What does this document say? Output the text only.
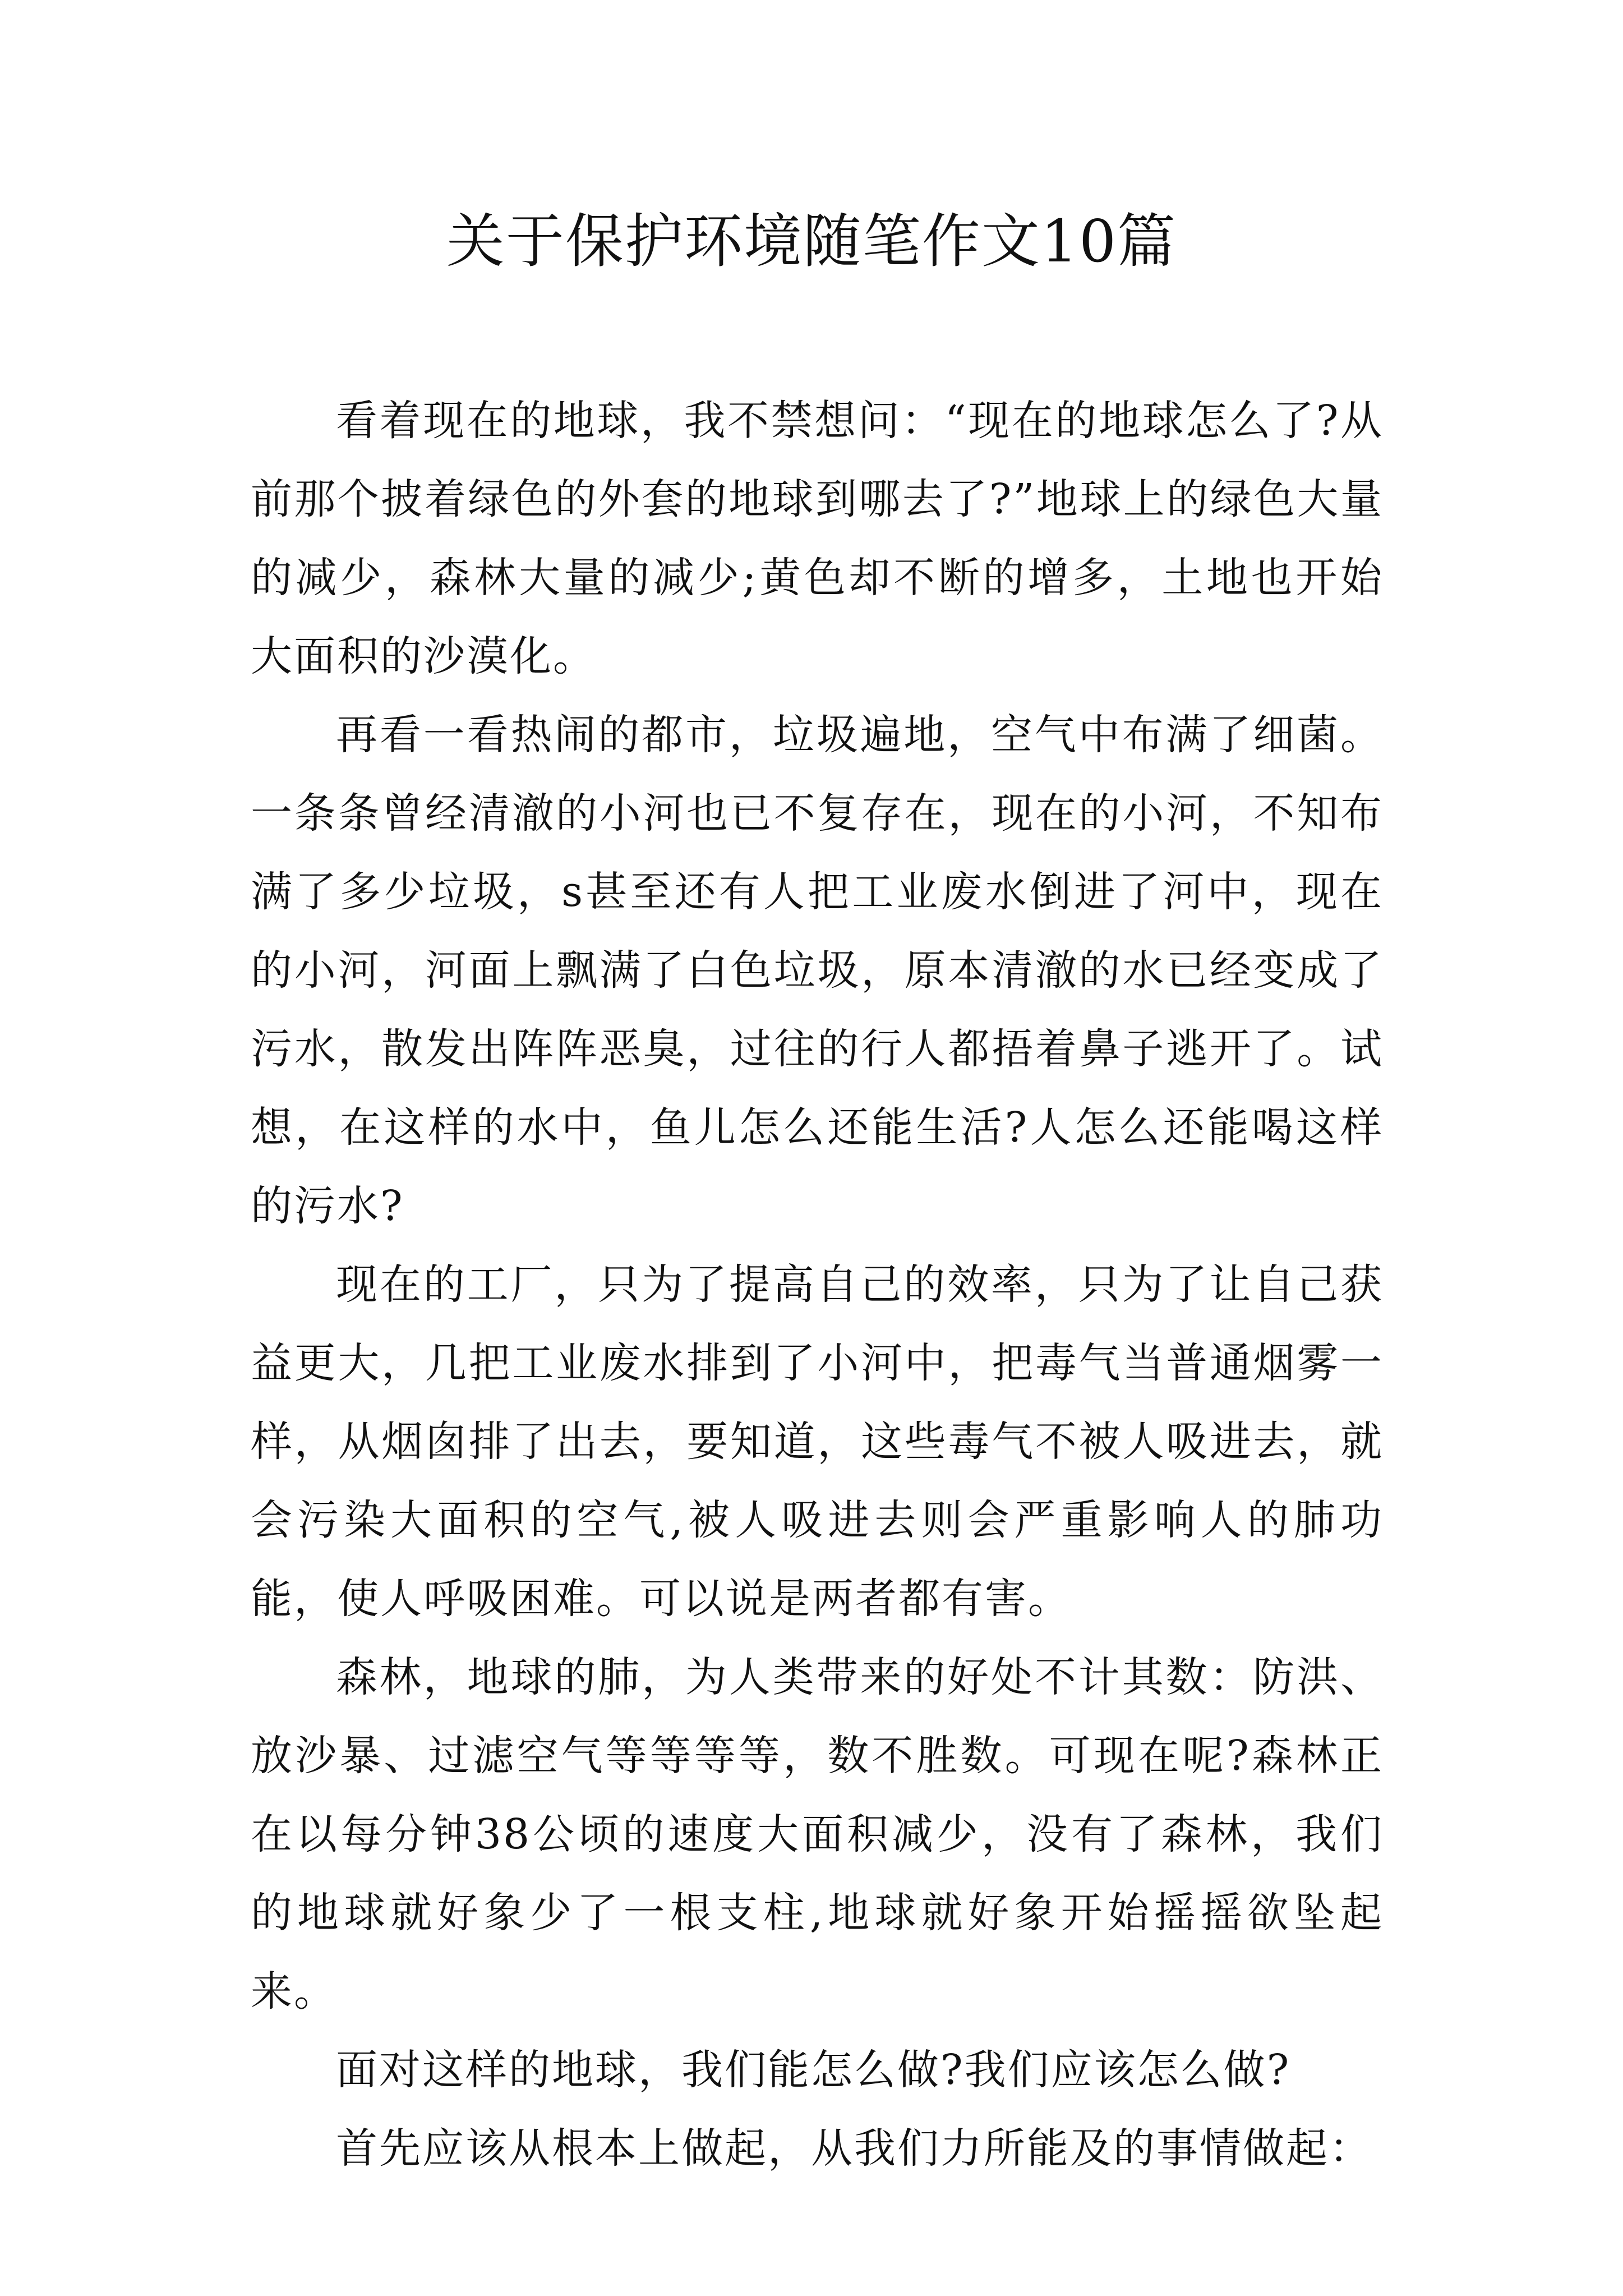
关于保护环境随笔作文10篇

看着现在的地球，我不禁想问：“现在的地球怎么了?从前那个披着绿色的外套的地球到哪去了?”地球上的绿色大量的减少，森林大量的减少;黄色却不断的增多，土地也开始大面积的沙漠化。

再看一看热闹的都市，垃圾遍地，空气中布满了细菌。一条条曾经清澈的小河也已不复存在，现在的小河，不知布满了多少垃圾，s甚至还有人把工业废水倒进了河中，现在的小河，河面上飘满了白色垃圾，原本清澈的水已经变成了污水，散发出阵阵恶臭，过往的行人都捂着鼻子逃开了。试想，在这样的水中，鱼儿怎么还能生活?人怎么还能喝这样的污水?

现在的工厂，只为了提高自己的效率，只为了让自己获益更大，几把工业废水排到了小河中，把毒气当普通烟雾一样，从烟囱排了出去，要知道，这些毒气不被人吸进去，就会污染大面积的空气,被人吸进去则会严重影响人的肺功能，使人呼吸困难。可以说是两者都有害。

森林，地球的肺，为人类带来的好处不计其数：防洪、放沙暴、过滤空气等等等等，数不胜数。可现在呢?森林正在以每分钟38公顷的速度大面积减少，没有了森林，我们的地球就好象少了一根支柱,地球就好象开始摇摇欲坠起来。

面对这样的地球，我们能怎么做?我们应该怎么做?

首先应该从根本上做起，从我们力所能及的事情做起：
